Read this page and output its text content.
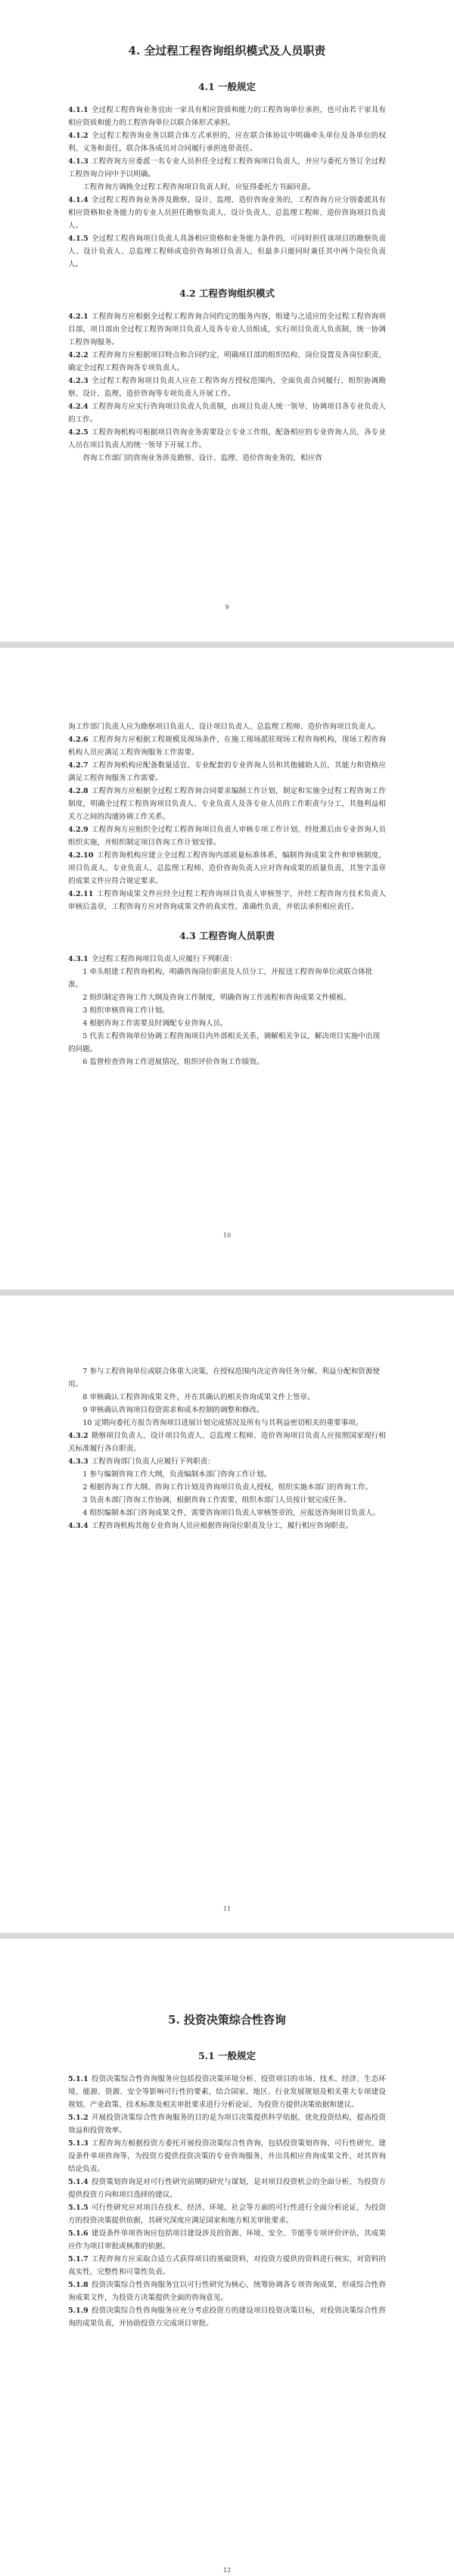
4. 全过程工程咨询组织模式及人员职责
4.1 一般规定

4.1.1 全过程工程咨询业务宜由一家具有相应资质和能力的工程咨询单位承担，也可由若干家具有相应资质和能力的工程咨询单位以联合体形式承担。

4.1.2 全过程工程咨询业务以联合体方式承担的，应在联合体协议中明确牵头单位及各单位的权利、义务和责任，联合体各成员对合同履行承担连带责任。

4.1.3 工程咨询方应委派一名专业人员担任全过程工程咨询项目负责人，并应与委托方签订全过程工程咨询合同中予以明确。

工程咨询方调换全过程工程咨询项目负责人时，应征得委托方书面同意。

4.1.4 全过程工程咨询业务涉及勘察、设计、监理、造价咨询业务的，工程咨询方应分别委派具有相应资格和业务能力的专业人员担任勘察负责人、设计负责人、总监理工程师、造价咨询项目负责人。

4.1.5 全过程工程咨询项目负责人具备相应资格和业务能力条件的，可同时担任该项目的勘察负责人、设计负责人、总监理工程师或造价咨询项目负责人，但最多只能同时兼任其中两个岗位负责人。

4.2 工程咨询组织模式

4.2.1 工程咨询方应根据全过程工程咨询合同约定的服务内容，组建与之适应的全过程工程咨询项目部，项目部由全过程工程咨询项目负责人及各专业人员组成，实行项目负责人负责制，统一协调工程咨询服务。

4.2.2 工程咨询方应根据项目特点和合同约定，明确项目部的组织结构、岗位设置及各岗位职责，确定全过程工程咨询各专项负责人。

4.2.3 全过程工程咨询项目负责人应在工程咨询方授权范围内，全面负责合同履行，组织协调勘察、设计、监理、造价咨询等专项负责人开展工作。

4.2.4 工程咨询方应实行咨询项目负责人负责制，由项目负责人统一领导、协调项目各专业负责人的工作。

4.2.5 工程咨询机构可根据项目咨询业务需要设立专业工作组，配备相应的专业咨询人员，各专业人员在项目负责人的统一领导下开展工作。

咨询工作部门的咨询业务涉及勘察、设计、监理、造价咨询业务的，相应咨

9

询工作部门负责人应为勘察项目负责人、设计项目负责人、总监理工程师、造价咨询项目负责人。

4.2.6 工程咨询方应根据工程规模及现场条件，在施工现场派驻现场工程咨询机构，现场工程咨询机构人员应满足工程咨询服务工作需要。

4.2.7 工程咨询机构应配备数量适宜、专业配套的专业咨询人员和其他辅助人员，其能力和资格应满足工程咨询服务工作需要。

4.2.8 工程咨询方应根据全过程工程咨询合同要求编制工作计划，制定和实施全过程工程咨询工作制度，明确全过程工程咨询项目负责人、专业负责人及各专业人员的工作职责与分工，其他利益相关方之间的沟通协调工作关系。

4.2.9 工程咨询方应组织全过程工程咨询项目负责人审核专项工作计划，经批准后由专业咨询人员组织实施，并组织制定项目咨询工作计划安排。

4.2.10 工程咨询机构应建立全过程工程咨询内部质量标准体系，编制咨询成果文件和审核制度，项目负责人、专业负责人、总监理工程师、造价咨询负责人应对咨询成果的质量负责，其签字盖章的成果文件应符合规定要求。

4.2.11 工程咨询成果文件应经全过程工程咨询项目负责人审核签字，并经工程咨询方技术负责人审核后盖章，工程咨询方应对咨询成果文件的真实性、准确性负责，并依法承担相应责任。

4.3 工程咨询人员职责

4.3.1 全过程工程咨询项目负责人应履行下列职责：

1 牵头组建工程咨询机构，明确咨询岗位职责及人员分工，并报送工程咨询单位或联合体批准。

2 组织制定咨询工作大纲及咨询工作制度，明确咨询工作流程和咨询成果文件模板。

3 组织审核咨询工作计划。

4 根据咨询工作需要及时调配专业咨询人员。

5 代表工程咨询单位协调工程咨询项目内外部相关关系，调解相关争议，解决项目实施中出现的问题。

6 监督检查咨询工作进展情况，组织评价咨询工作绩效。

10

7 参与工程咨询单位或联合体重大决策，在授权范围内决定咨询任务分解、利益分配和资源使用。

8 审核确认工程咨询成果文件，并在其确认的相关咨询成果文件上签章。

9 审核确认咨询项目投资需求和成本控制的调整和修改。

10 定期向委托方报告咨询项目进展计划完成情况及所有与其利益密切相关的重要事项。

4.3.2 勘察项目负责人、设计项目负责人、总监理工程师、造价咨询项目负责人应按照国家现行相关标准履行各自职责。

4.3.3 工程咨询部门负责人应履行下列职责：

1 参与编制咨询工作大纲，负责编制本部门咨询工作计划。

2 根据咨询工作大纲、咨询工作计划及咨询项目负责人授权，组织实施本部门的咨询工作。

3 负责本部门咨询工作协调，根据咨询工作需要，组织本部门人员按计划完成任务。

4 组织编制本部门咨询成果文件，需要咨询项目负责人审核签章的，应报送咨询项目负责人。

4.3.4 工程咨询机构其他专业咨询人员应根据咨询岗位职责及分工，履行相应咨询职责。

11
5. 投资决策综合性咨询
5.1 一般规定

5.1.1 投资决策综合性咨询服务应包括投资决策环境分析、投资项目的市场、技术、经济、生态环境、能源、资源、安全等影响可行性的要素，结合国家、地区、行业发展规划及相关重大专项建设规划、产业政策、技术标准及相关审批要求进行分析论证，为投资方提供决策依据和建议。

5.1.2 开展投资决策综合性咨询服务的目的是为项目决策提供科学依据，优化投资结构，提高投资效益和投资效率。

5.1.3 工程咨询方根据投资方委托开展投资决策综合性咨询，包括投资策划咨询、可行性研究、建设条件单项咨询等，为投资方提供投资决策的专业咨询服务，并出具相应咨询成果文件，对其咨询结论负责。

5.1.4 投资策划咨询是对可行性研究前期的研究与谋划，是对项目投资机会的全面分析，为投资方提供投资方向和项目选择的建议。

5.1.5 可行性研究应对项目在技术、经济、环境、社会等方面的可行性进行全面分析论证，为投资方的投资决策提供依据，其研究深度应满足国家和地方相关审批要求。

5.1.6 建设条件单项咨询应包括项目建设涉及的资源、环境、安全、节能等专项评价评估，其成果应作为项目审批或核准的依据。

5.1.7 工程咨询方应采取合适方式获得项目的基础资料，对投资方提供的资料进行核实，对资料的真实性、完整性和可靠性负责。

5.1.8 投资决策综合性咨询服务宜以可行性研究为核心，统筹协调各专项咨询成果，形成综合性咨询成果文件，为投资方决策提供全面的咨询意见。

5.1.9 投资决策综合性咨询服务应充分考虑投资方的建设项目投资决策目标，对投资决策综合性咨询的成果负责，并协助投资方完成项目审批。

12
